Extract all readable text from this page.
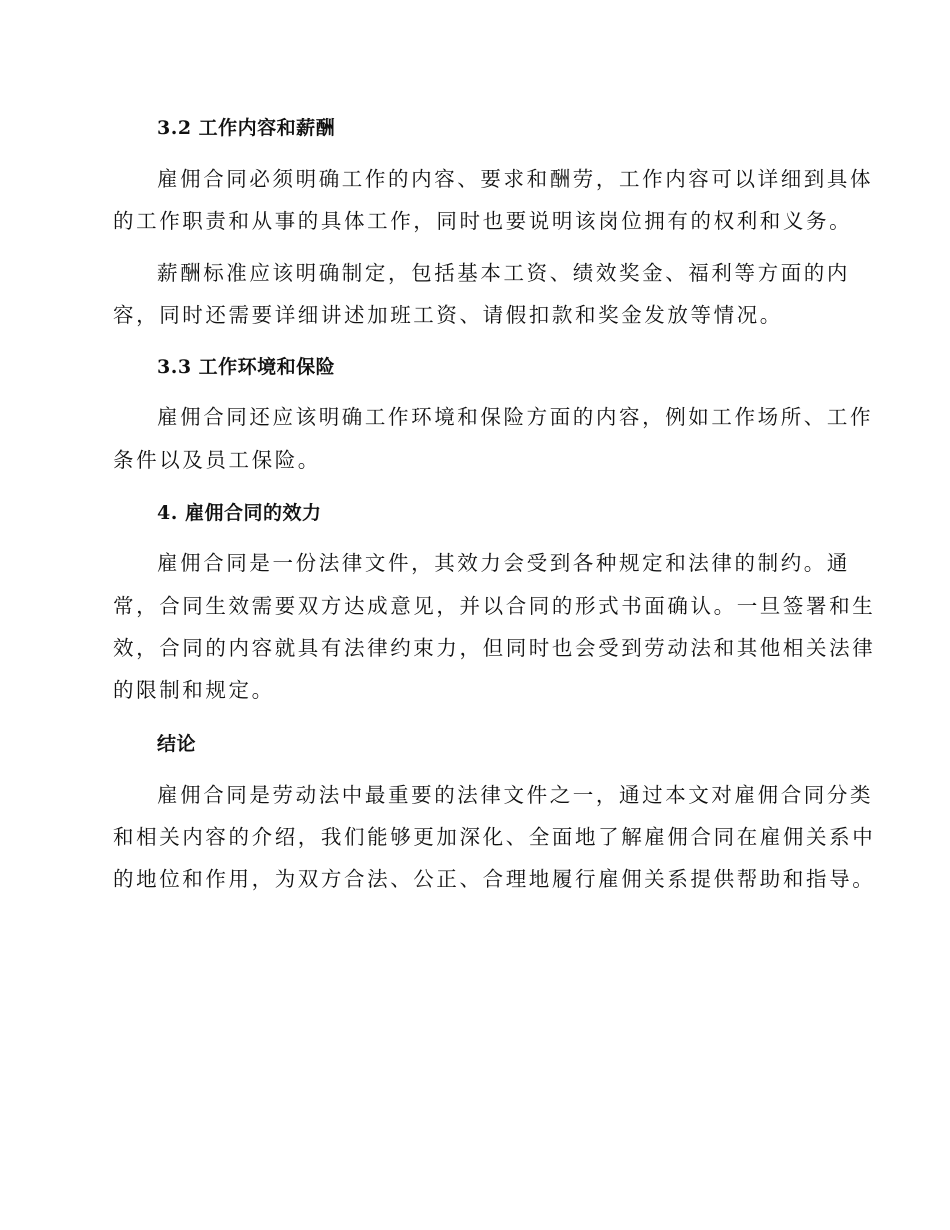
3.2 工作内容和薪酬
雇佣合同必须明确工作的内容、要求和酬劳，工作内容可以详细到具体
的工作职责和从事的具体工作，同时也要说明该岗位拥有的权利和义务。
薪酬标准应该明确制定，包括基本工资、绩效奖金、福利等方面的内
容，同时还需要详细讲述加班工资、请假扣款和奖金发放等情况。
3.3 工作环境和保险
雇佣合同还应该明确工作环境和保险方面的内容，例如工作场所、工作
条件以及员工保险。
4. 雇佣合同的效力
雇佣合同是一份法律文件，其效力会受到各种规定和法律的制约。通
常，合同生效需要双方达成意见，并以合同的形式书面确认。一旦签署和生
效，合同的内容就具有法律约束力，但同时也会受到劳动法和其他相关法律
的限制和规定。
结论
雇佣合同是劳动法中最重要的法律文件之一，通过本文对雇佣合同分类
和相关内容的介绍，我们能够更加深化、全面地了解雇佣合同在雇佣关系中
的地位和作用，为双方合法、公正、合理地履行雇佣关系提供帮助和指导。
